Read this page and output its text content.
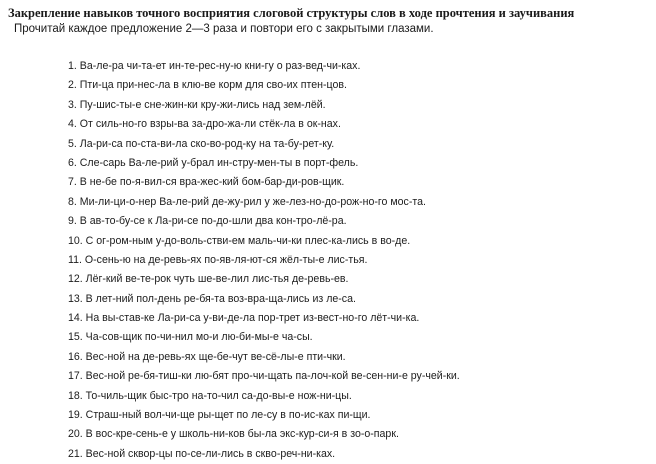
Закрепление навыков точного восприятия слоговой структуры слов в ходе прочтения и заучивания
Прочитай каждое предложение 2—3 раза и повтори его с закрытыми глазами.
1. Ва-ле-ра чи-та-ет ин-те-рес-ну-ю кни-гу о раз-вед-чи-ках.
2. Пти-ца при-нес-ла в клю-ве корм для сво-их птен-цов.
3. Пу-шис-ты-е сне-жин-ки кру-жи-лись над зем-лёй.
4. От силь-но-го взры-ва за-дро-жа-ли стёк-ла в ок-нах.
5. Ла-ри-са по-ста-ви-ла ско-во-род-ку на та-бу-рет-ку.
6. Сле-сарь Ва-ле-рий у-брал ин-стру-мен-ты в порт-фель.
7. В не-бе по-я-вил-ся вра-жес-кий бом-бар-ди-ров-щик.
8. Ми-ли-ци-о-нер Ва-ле-рий де-жу-рил у же-лез-но-до-рож-но-го мос-та.
9. В ав-то-бу-се к Ла-ри-се по-до-шли два кон-тро-лё-ра.
10. С ог-ром-ным у-до-воль-стви-ем маль-чи-ки плес-ка-лись в во-де.
11. О-сень-ю на де-ревь-ях по-яв-ля-ют-ся жёл-ты-е лис-тья.
12. Лёг-кий ве-те-рок чуть ше-ве-лил лис-тья де-ревь-ев.
13. В лет-ний пол-день ре-бя-та воз-вра-ща-лись из ле-са.
14. На вы-став-ке Ла-ри-са у-ви-де-ла пор-трет из-вест-но-го лёт-чи-ка.
15. Ча-сов-щик по-чи-нил мо-и лю-би-мы-е ча-сы.
16. Вес-ной на де-ревь-ях ще-бе-чут ве-сё-лы-е пти-чки.
17. Вес-ной ре-бя-тиш-ки лю-бят про-чи-щать па-лоч-кой ве-сен-ни-е ру-чей-ки.
18. То-чиль-щик быс-тро на-то-чил са-до-вы-е нож-ни-цы.
19. Страш-ный вол-чи-ще ры-щет по ле-су в по-ис-ках пи-щи.
20. В вос-кре-сень-е у школь-ни-ков бы-ла экс-кур-си-я в зо-о-парк.
21. Вес-ной сквор-цы по-се-ли-лись в сквo-реч-ни-ках.
